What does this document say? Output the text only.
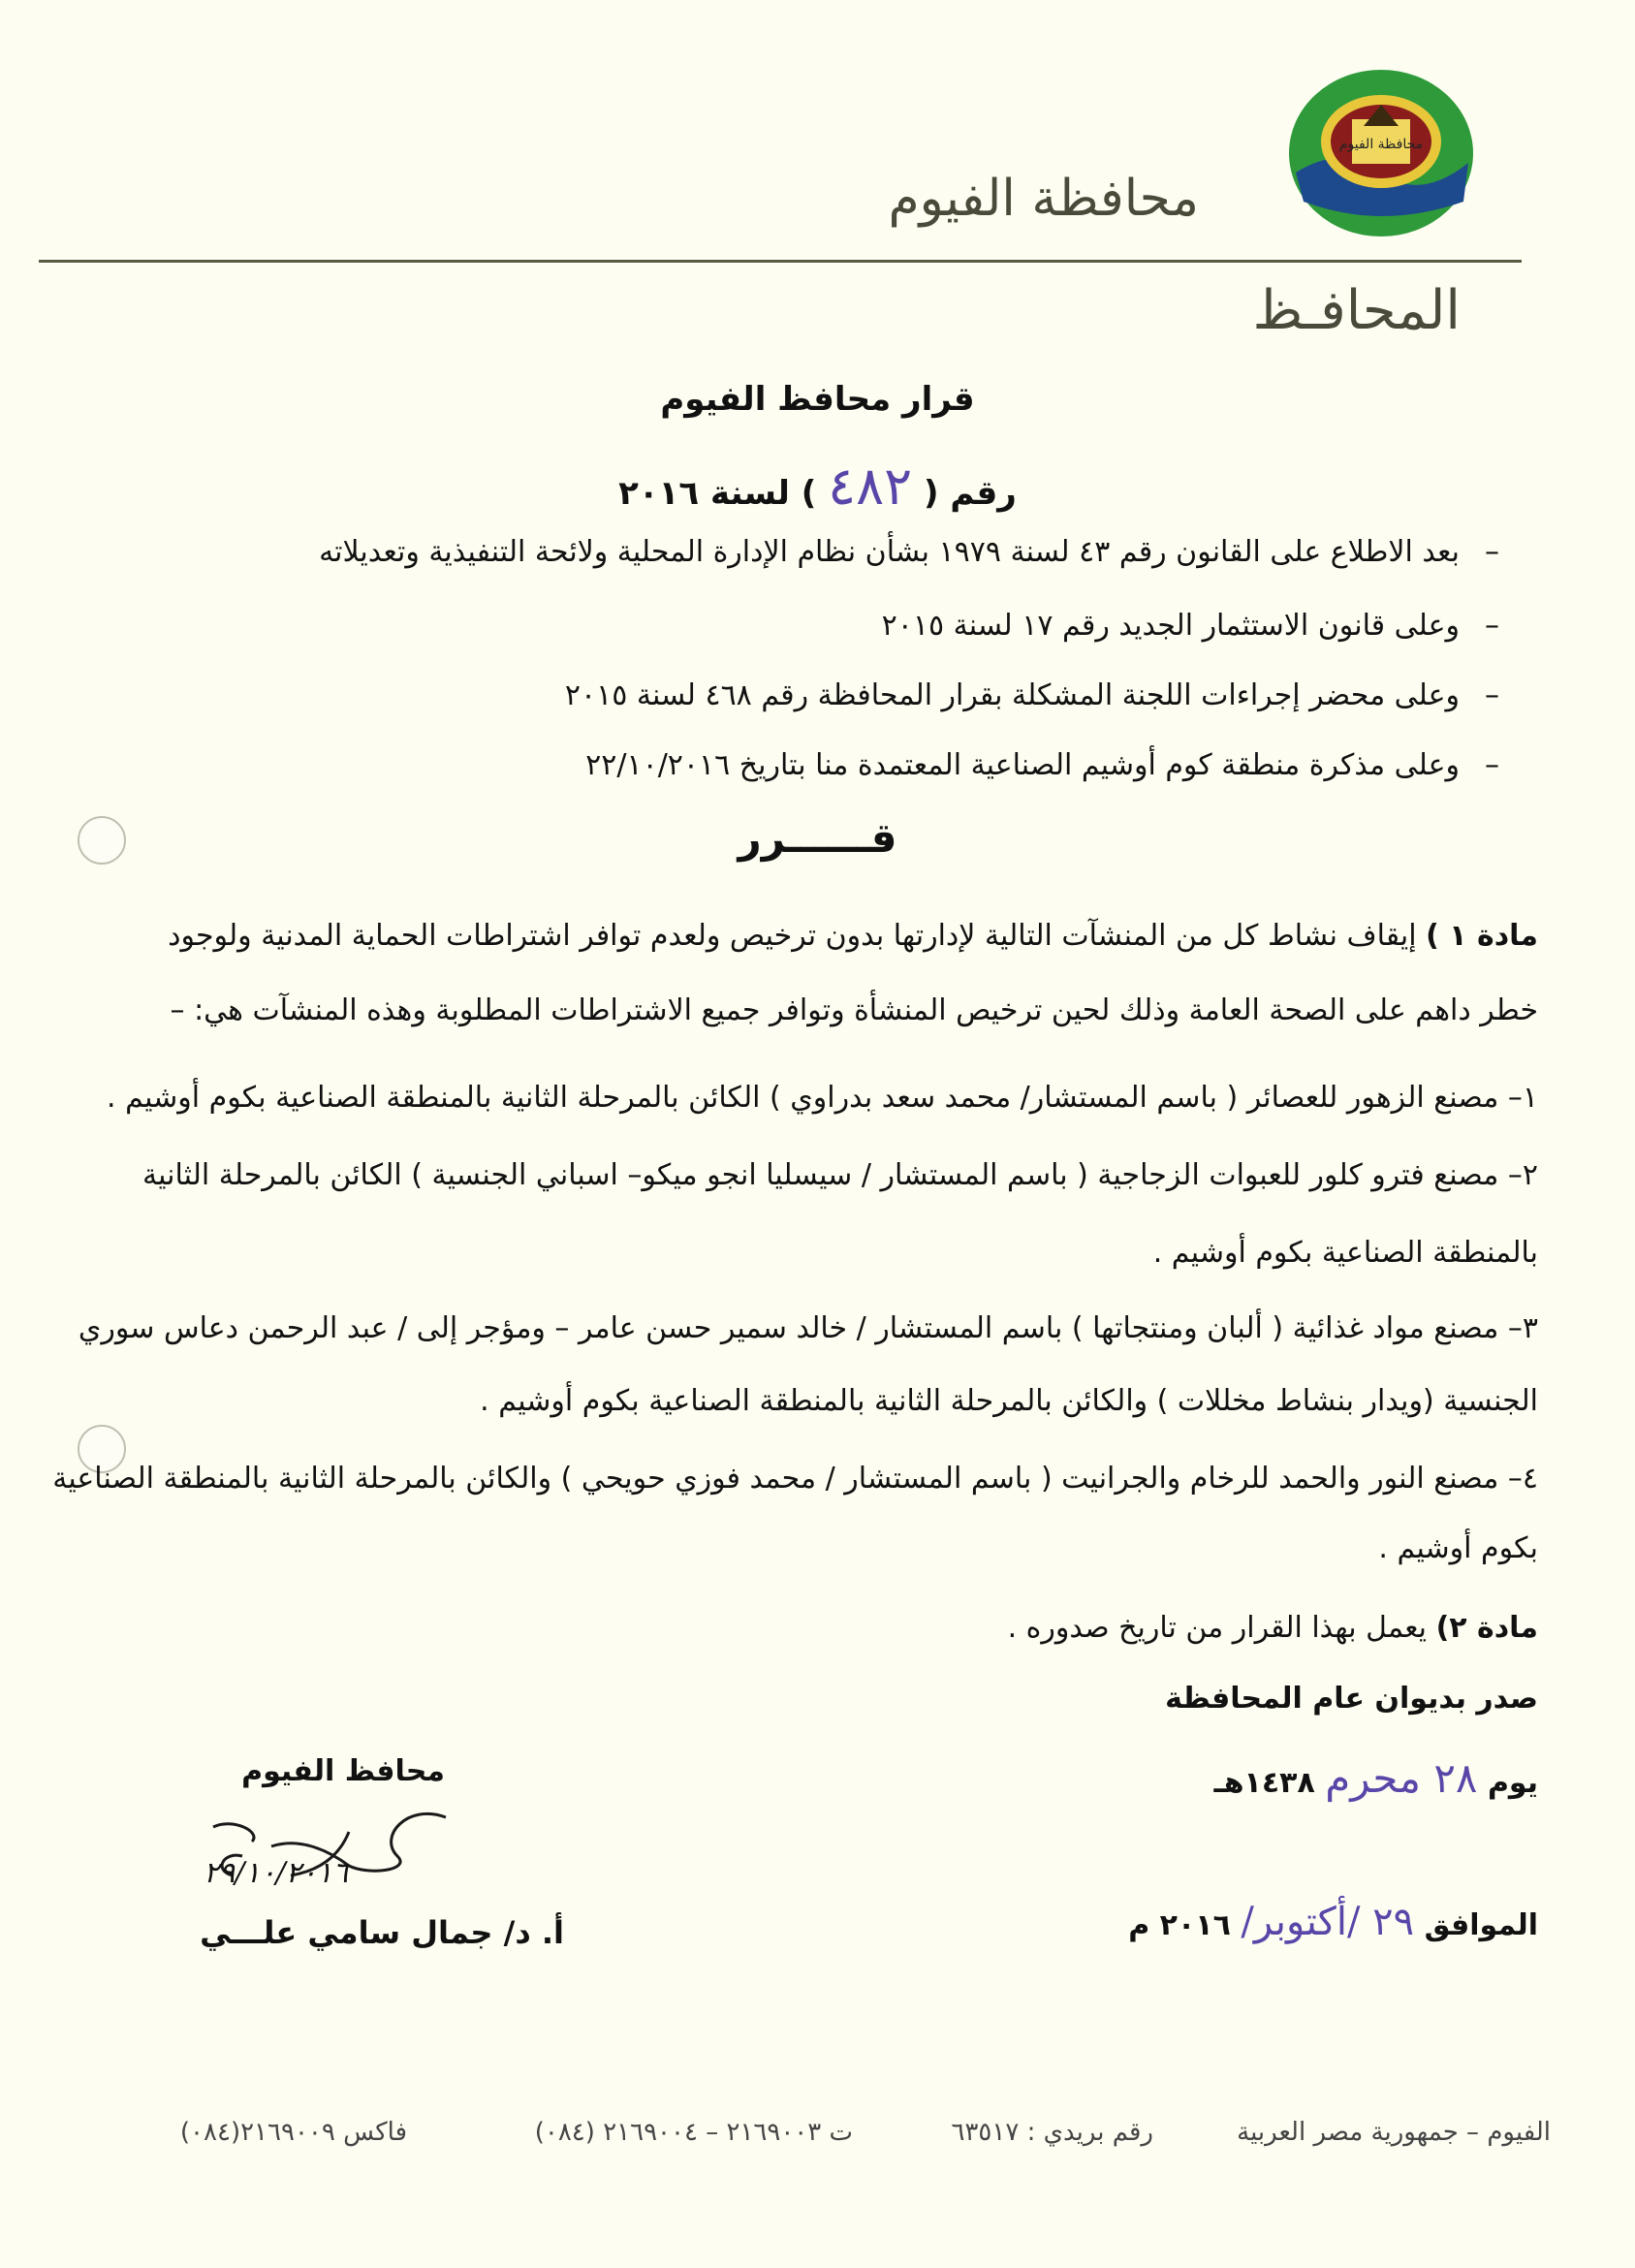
محافظة الفيوم
محافظة الفيوم
المحافـظ
قرار محافظ الفيوم
رقم ( ٤٨٢ ) لسنة ٢٠١٦
–بعد الاطلاع على القانون رقم ٤٣ لسنة ١٩٧٩ بشأن نظام الإدارة المحلية ولائحة التنفيذية وتعديلاته
–وعلى قانون الاستثمار الجديد رقم ١٧ لسنة ٢٠١٥
–وعلى محضر إجراءات اللجنة المشكلة بقرار المحافظة رقم ٤٦٨ لسنة ٢٠١٥
–وعلى مذكرة منطقة كوم أوشيم الصناعية المعتمدة منا بتاريخ ٢٢/١٠/٢٠١٦
قــــــرر
مادة ١ ) إيقاف نشاط كل من المنشآت التالية لإدارتها بدون ترخيص ولعدم توافر اشتراطات الحماية المدنية ولوجود
خطر داهم على الصحة العامة وذلك لحين ترخيص المنشأة وتوافر جميع الاشتراطات المطلوبة وهذه المنشآت هي: –
١– مصنع الزهور للعصائر ( باسم المستشار/ محمد سعد بدراوي ) الكائن بالمرحلة الثانية بالمنطقة الصناعية بكوم أوشيم .
٢– مصنع فترو كلور للعبوات الزجاجية ( باسم المستشار / سيسليا انجو ميكو– اسباني الجنسية ) الكائن بالمرحلة الثانية
بالمنطقة الصناعية بكوم أوشيم .
٣– مصنع مواد غذائية ( ألبان ومنتجاتها ) باسم المستشار / خالد سمير حسن عامر – ومؤجر إلى / عبد الرحمن دعاس سوري
الجنسية (ويدار بنشاط مخللات ) والكائن بالمرحلة الثانية بالمنطقة الصناعية بكوم أوشيم .
٤– مصنع النور والحمد للرخام والجرانيت ( باسم المستشار / محمد فوزي حويحي ) والكائن بالمرحلة الثانية بالمنطقة الصناعية
بكوم أوشيم .
مادة ٢) يعمل بهذا القرار من تاريخ صدوره .
صدر بديوان عام المحافظة
يوم ٢٨ محرم ١٤٣٨هـ
الموافق ٢٩ /أكتوبر/ ٢٠١٦ م
محافظ الفيوم
٢٩/١٠/٢٠١٦
أ. د/ جمال سامي علـــي
الفيوم – جمهورية مصر العربية
رقم بريدي : ٦٣٥١٧
ت ٢١٦٩٠٠٣ – ٢١٦٩٠٠٤ (٠٨٤)
فاكس ٢١٦٩٠٠٩(٠٨٤)
